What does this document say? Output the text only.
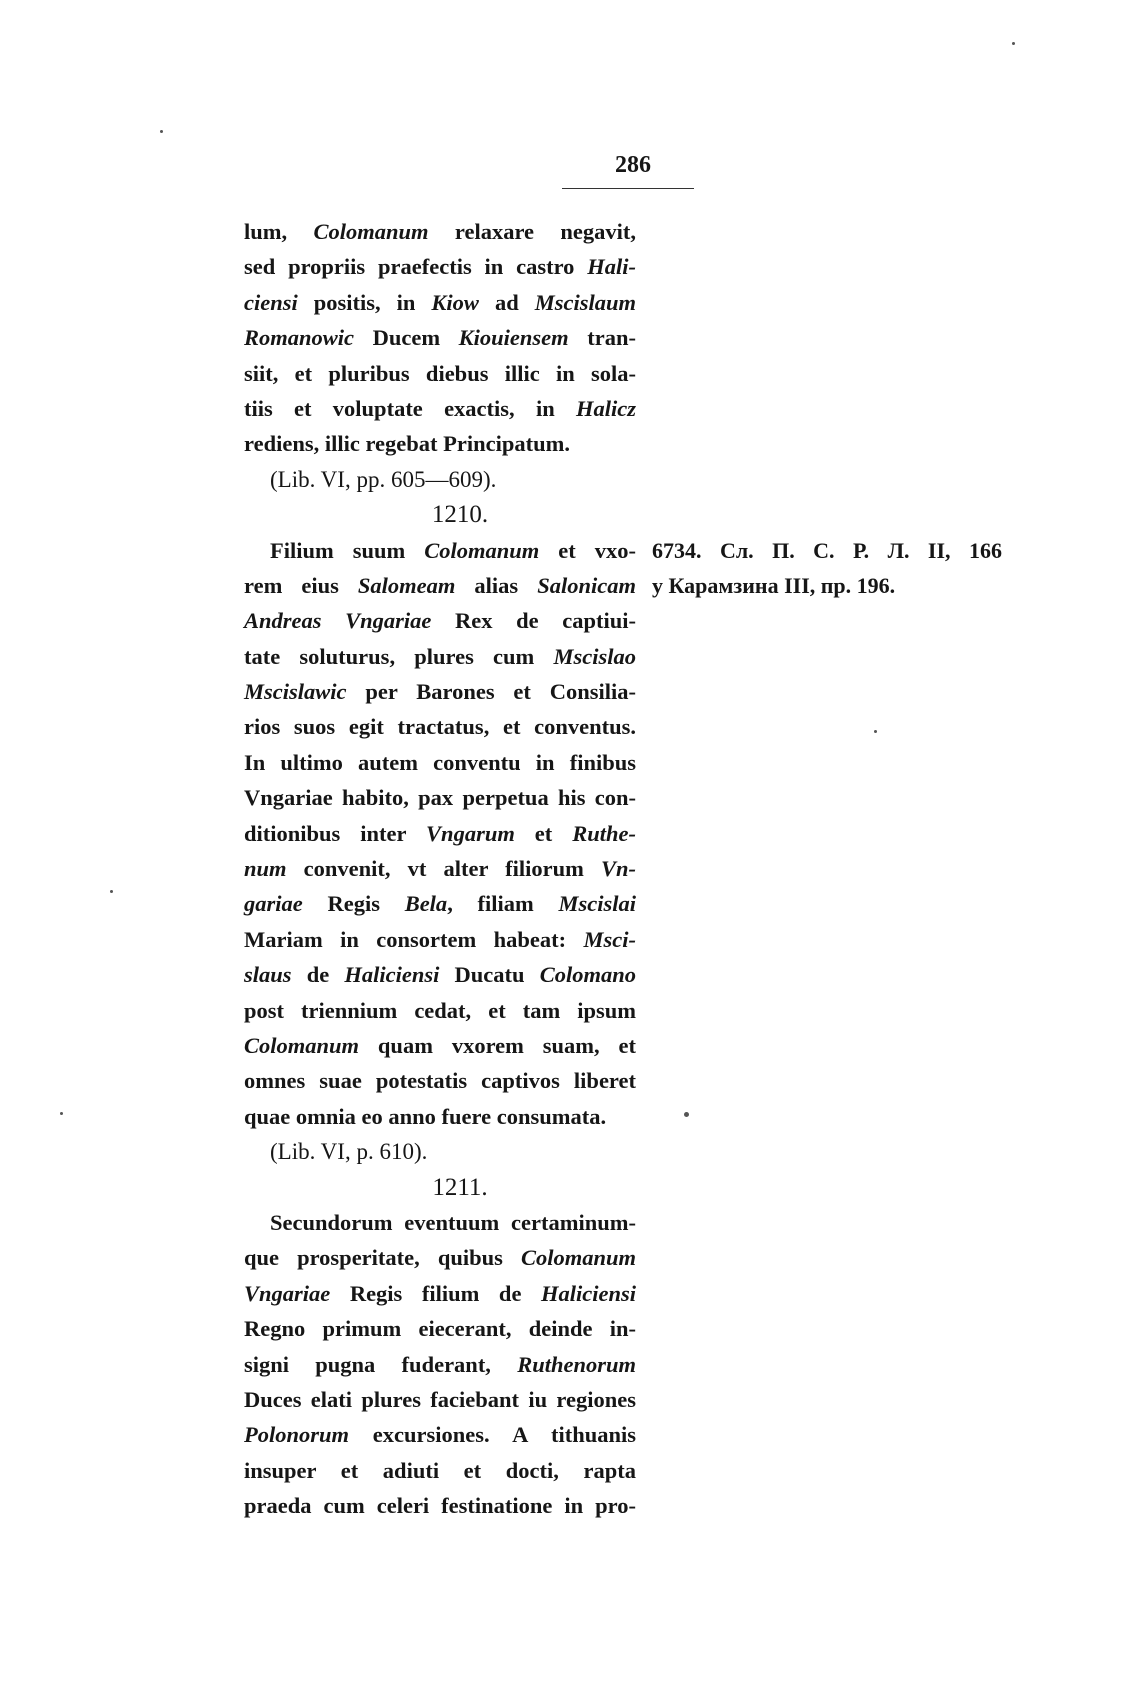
286
lum, Colomanum relaxare negavit,
sed propriis praefectis in castro Hali-
ciensi positis, in Kiow ad Mscislaum
Romanowic Ducem Kiouiensem tran-
siit, et pluribus diebus illic in sola-
tiis et voluptate exactis, in Halicz
rediens, illic regebat Principatum.
(Lib. VI, pp. 605—609).
1210.
Filium suum Colomanum et vxo-
rem eius Salomeam alias Salonicam
Andreas Vngariae Rex de captiui-
tate soluturus, plures cum Mscislao
Mscislawic per Barones et Consilia-
rios suos egit tractatus, et conventus.
In ultimo autem conventu in finibus
Vngariae habito, pax perpetua his con-
ditionibus inter Vngarum et Ruthe-
num convenit, vt alter filiorum Vn-
gariae Regis Bela, filiam Mscislai
Mariam in consortem habeat: Msci-
slaus de Haliciensi Ducatu Colomano
post triennium cedat, et tam ipsum
Colomanum quam vxorem suam, et
omnes suae potestatis captivos liberet
quae omnia eo anno fuere consumata.
(Lib. VI, p. 610).
1211.
Secundorum eventuum certaminum-
que prosperitate, quibus Colomanum
Vngariae Regis filium de Haliciensi
Regno primum eiecerant, deinde in-
signi pugna fuderant, Ruthenorum
Duces elati plures faciebant iu regiones
Polonorum excursiones. A tithuanis
insuper et adiuti et docti, rapta
praeda cum celeri festinatione in pro-
6734. Сл. П. С. Р. Л. II, 166
у Карамзина III, пр. 196.
